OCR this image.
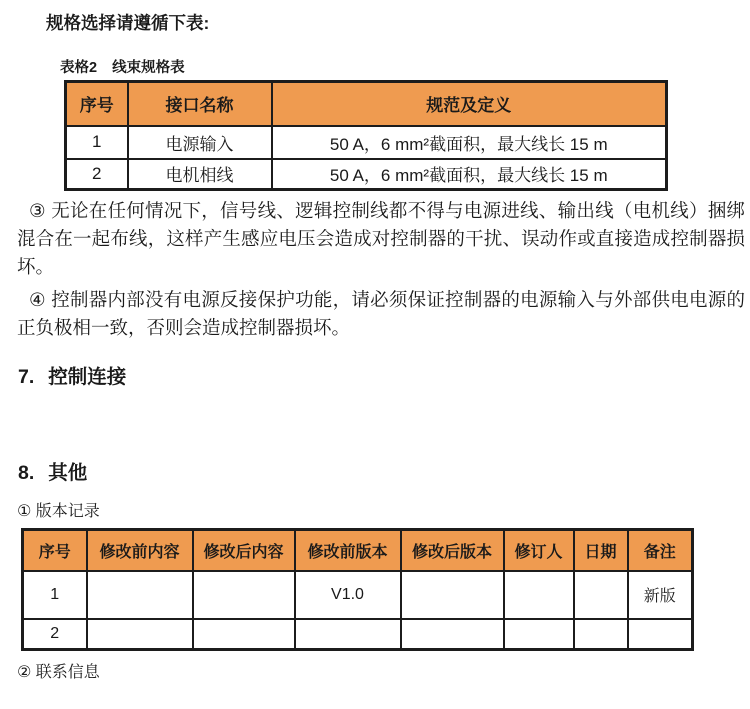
规格选择请遵循下表:

表格2 线束规格表

序号	接口名称	规范及定义
1	电源输入	50 A，6 mm²截面积，最大线长 15 m
2	电机相线	50 A，6 mm²截面积，最大线长 15 m

③ 无论在任何情况下，信号线、逻辑控制线都不得与电源进线、输出线（电机线）捆绑混合在一起布线，这样产生感应电压会造成对控制器的干扰、误动作或直接造成控制器损坏。

④ 控制器内部没有电源反接保护功能，请必须保证控制器的电源输入与外部供电电源的正负极相一致，否则会造成控制器损坏。

7. 控制连接
8. 其他

① 版本记录

序号	修改前内容	修改后内容	修改前版本	修改后版本	修订人	日期	备注
1			V1.0				新版
2							

② 联系信息
